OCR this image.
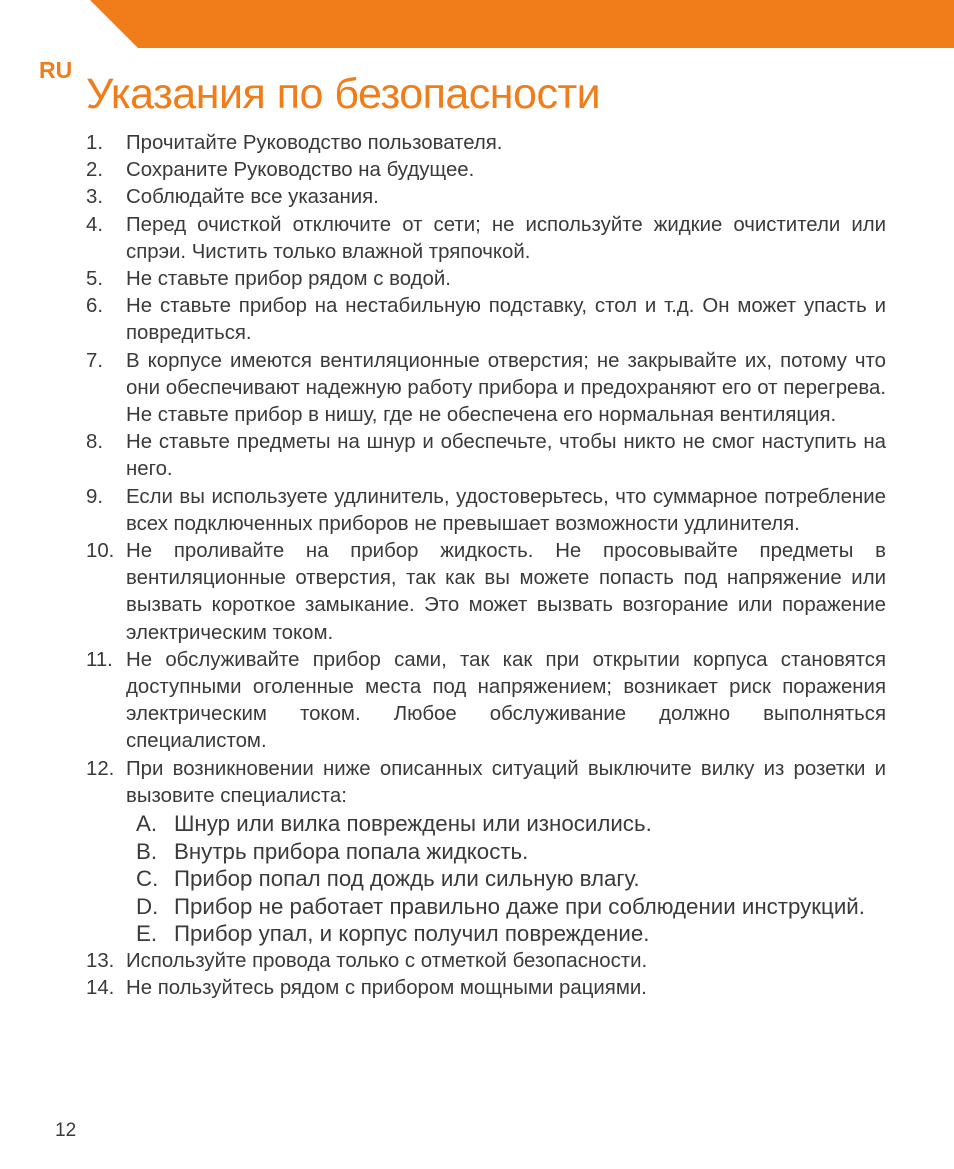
RU Указания по безопасности
1.	Прочитайте Руководство пользователя.
2.	Сохраните Руководство на будущее.
3.	Соблюдайте все указания.
4.	Перед очисткой отключите от сети; не используйте жидкие очистители или спрэи. Чистить только влажной тряпочкой.
5.	Не ставьте прибор рядом с водой.
6.	Не ставьте прибор на нестабильную подставку, стол и т.д. Он может упасть и повредиться.
7.	В корпусе имеются вентиляционные отверстия; не закрывайте их, потому что они обеспечивают надежную работу прибора и предохраняют его от перегрева. Не ставьте прибор в нишу, где не обеспечена его нормальная вентиляция.
8.	Не ставьте предметы на шнур и обеспечьте, чтобы никто не смог наступить на него.
9.	Если вы используете удлинитель, удостоверьтесь, что суммарное потребление всех подключенных приборов не превышает возможности удлинителя.
10. Не проливайте на прибор жидкость. Не просовывайте предметы в вентиляционные отверстия, так как вы можете попасть под напряжение или вызвать короткое замыкание. Это может вызвать возгорание или поражение электрическим током.
11. Не обслуживайте прибор сами, так как при открытии корпуса становятся доступными оголенные места под напряжением; возникает риск поражения электрическим током. Любое обслуживание должно выполняться специалистом.
12. При возникновении ниже описанных ситуаций выключите вилку из розетки и вызовите специалиста:
A. Шнур или вилка повреждены или износились.
B. Внутрь прибора попала жидкость.
C. Прибор попал под дождь или сильную влагу.
D. Прибор не работает правильно даже при соблюдении инструкций.
E. Прибор упал, и корпус получил повреждение.
13. Используйте провода только с отметкой безопасности.
14. Не пользуйтесь рядом с прибором мощными рациями.
12
